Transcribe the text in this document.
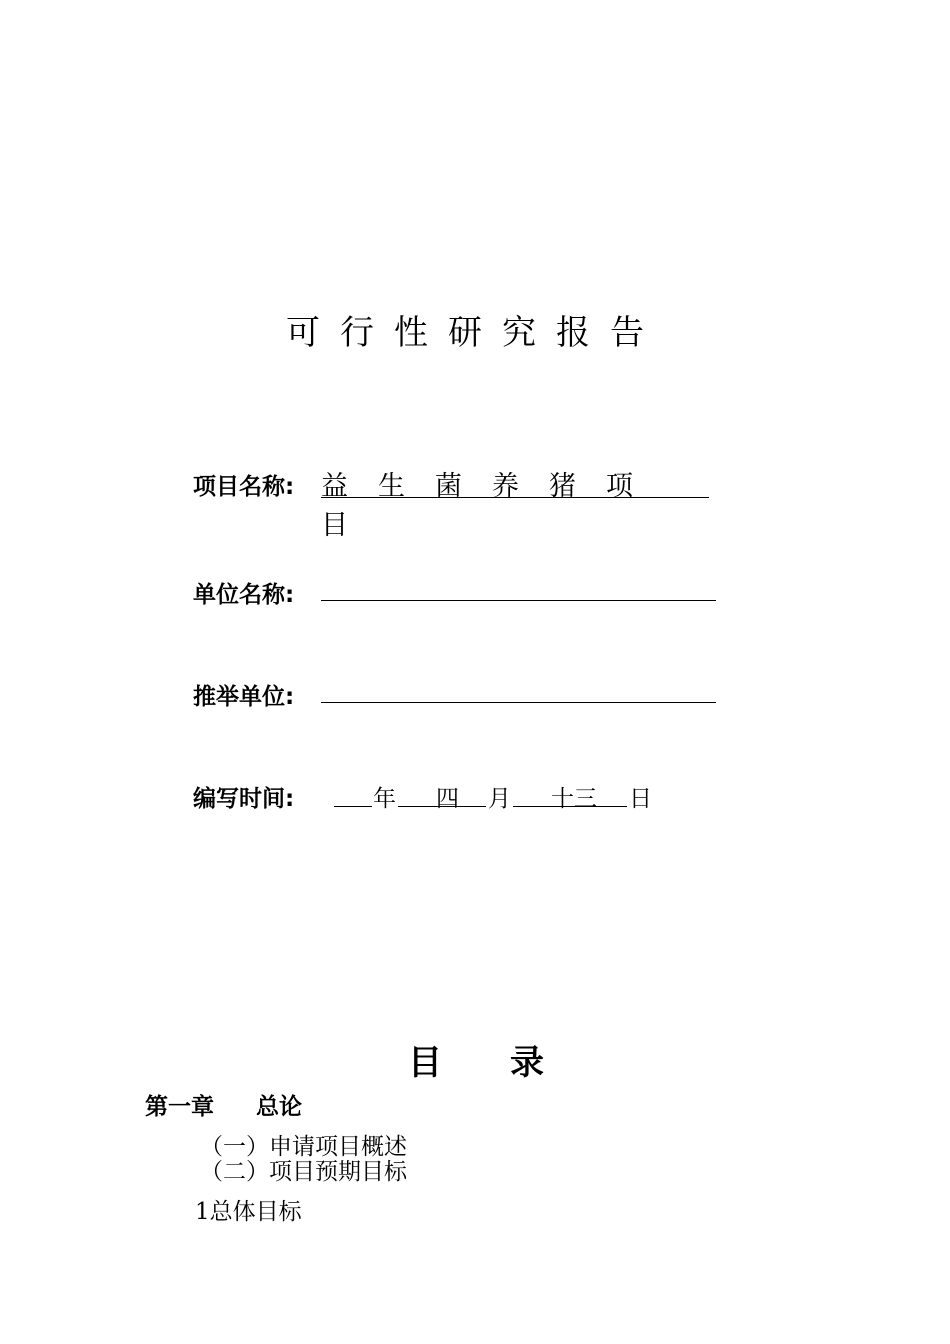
可行性研究报告
项目名称: 益 生 菌 养 猪 项目
单位名称:
推举单位:
编写时间:	年 四 月 十三 日
目 录
第一章 总论
（一）申请项目概述
（二）项目预期目标
1总体目标
